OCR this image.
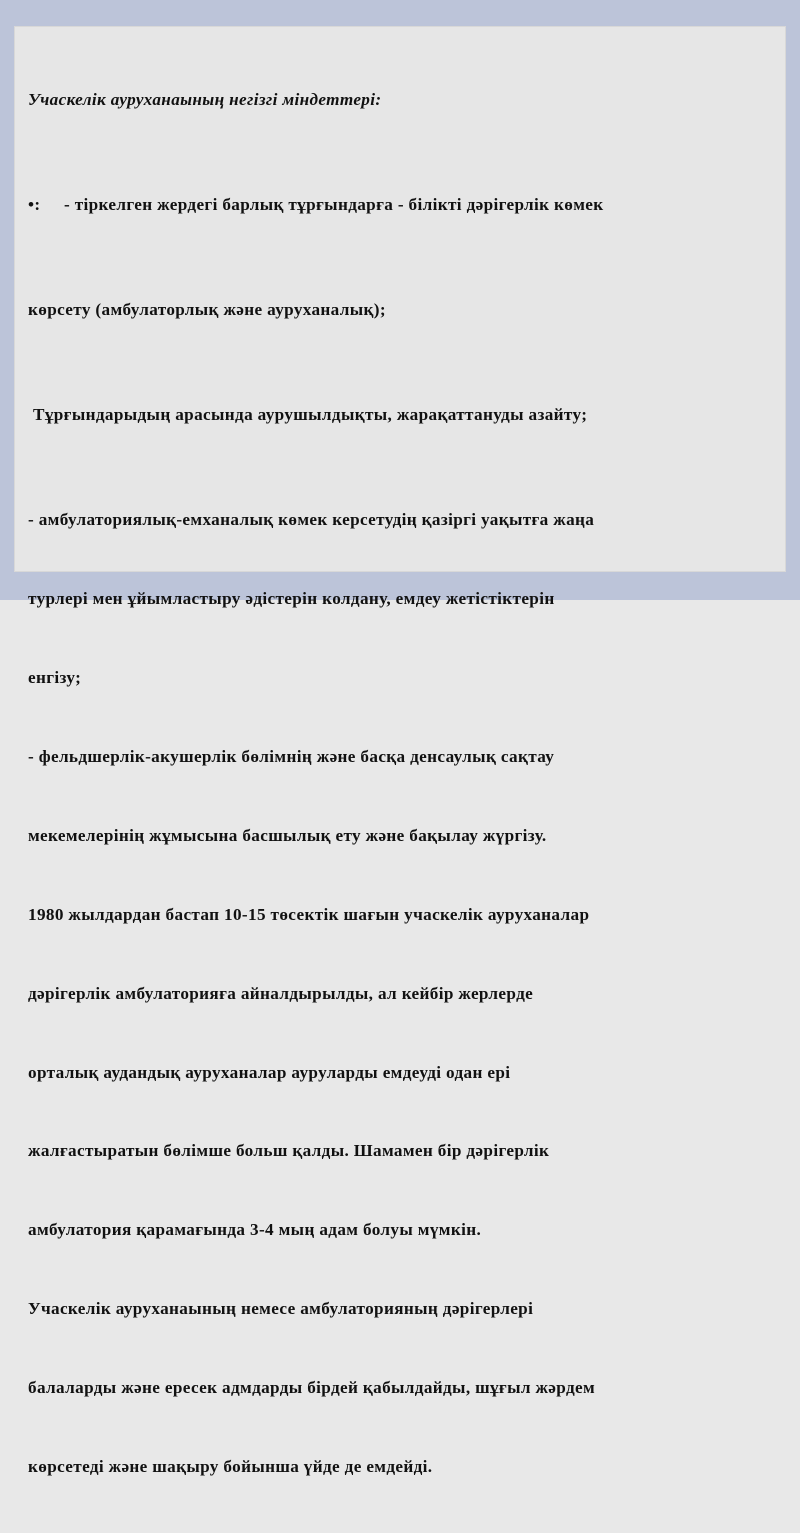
Учаскелік ауруханаының негізгі міндеттері:

•: - тіркелген жердегі барлық тұрғындарға - білікті дәрігерлік көмек

көрсету (амбулаторлық және ауруханалық);

Тұрғындарыдың арасында аурушылдықты, жарақаттануды азайту;

- амбулаториялық-емханалық көмек керсетудің қазіргі уақытға жаңа

турлері мен ұйымластыру әдістерін колдану, емдеу жетістіктерін

енгізу;

- фельдшерлік-акушерлік бөлімнің және басқа денсаулық сақтау

мекемелерінің жұмысына басшылық ету және бақылау жүргізу.

1980 жылдардан бастап 10-15 төсектік шағын учаскелік ауруханалар

дәрігерлік амбулаторияға айналдырылды, ал кейбір жерлерде

орталық аудандық ауруханалар ауруларды емдеуді одан ері

жалғастыратын бөлімше больш қалды. Шамамен бір дәрігерлік

амбулатория қарамағында 3-4 мың адам болуы мүмкін.

Учаскелік ауруханаының немесе амбулаторияның дәрігерлері

балаларды және ересек адмдарды бірдей қабылдайды, шұғыл жәрдем

көрсетеді және шақыру бойынша үйде де емдейді.
